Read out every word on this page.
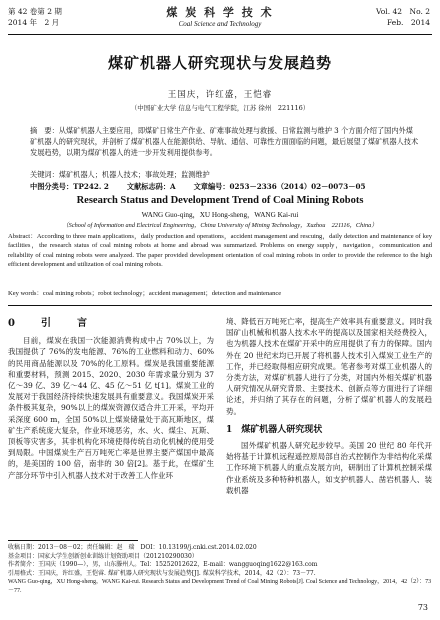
第 42 卷第 2 期
2014 年　2 月
煤 炭 科 学 技 术
Coal Science and Technology
Vol. 42　No. 2
Feb.　2014
煤矿机器人研究现状与发展趋势
王国庆，许红盛，王恺睿
（中国矿业大学 信息与电气工程学院，江苏 徐州　221116）
摘　要：从煤矿机器人主要应用，即煤矿日常生产作业、矿难事故处理与救援、日常监测与维护 3 个方面介绍了国内外煤矿机器人的研究现状，并剖析了煤矿机器人在能源供给、导航、通信、可靠性方面面临的问题，最后展望了煤矿机器人技术发展趋势，以期为煤矿机器人的进一步开发利用提供参考。
关键词：煤矿机器人；机器人技术；事故处理；监测维护
中图分类号：TP242. 2	文献标志码：A	文章编号：0253－2336（2014）02－0073－05
Research Status and Development Trend of Coal Mining Robots
WANG Guo-qing，XU Hong-sheng，WANG Kai-rui
（School of Information and Electrical Engineering，China University of Mining Technology，Xuzhou　221116，China）
Abstract：According to three main applications，daily production and operations，accident management and rescuing，daily detection and maintenance of key facilities，the research status of coal mining robots at home and abroad was summarized. Problems on energy supply，navigation，communication and reliability of coal mining robots were analyzed. The paper provided development orientation of coal mining robots in order to provide the reference to the high efficient development and utilization of coal mining robots.
Key words：coal mining robots；robot technology；accident management；detection and maintenance
0　引　言

目前，煤炭在我国一次能源消费构成中占 70%以上，为我国提供了 76%的发电能源、76%的工业燃料和动力、60%的民用商品能源以及 70%的化工原料。煤炭是我国重要能源和重要材料，预测 2015、2020、2030 年需求量分别为 37 亿～39 亿、39 亿～44 亿、45 亿～51 亿 t[1]。煤炭工业的发展对于我国经济持续快速发展具有重要意义。我国煤炭开采条件极其复杂，90%以上的煤炭资源仅适合井工开采，平均开采深度 600 m，全国 50%以上煤炭储量处于高瓦斯地区，煤矿生产系统庞大复杂，作业环境恶劣，水、火、煤尘、瓦斯、顶板等灾害多，其非机构化环境使得传统自动化机械的使用受到局限。中国煤炭生产百万吨死亡率是世界主要产煤国中最高的，是美国的 100 倍，南非的 30 倍[2]。基于此，在煤矿生产部分环节中引入机器人技术对于改善工人作业环

境、降低百万吨死亡率，提高生产效率具有重要意义。同时我国矿山机械和机器人技术水平的提高以及国家相关经费投入，也为机器人技术在煤矿开采中的应用提供了有力的保障。国内外在 20 世纪末均已开展了将机器人技术引入煤炭工业生产的工作，并已经取得相应研究成果。笔者参考对煤工业机器人的分类方法，对煤矿机器人进行了分类，对国内外相关煤矿机器人研究情况从研究背景、主要技术、创新点等方面进行了详细论述，并归纳了其存在的问题，分析了煤矿机器人的发展趋势。

1　煤矿机器人研究现状

国外煤矿机器人研究起步较早。美国 20 世纪 80 年代开始将基于计算机远程遥控原局部自治式控制作为非结构化采煤工作环境下机器人的重点发展方向，研制出了计算机控制采煤作业系统及多种特种机器人，如支护机器人、凿岩机器人、装载机器

收稿日期：2013－08－02；责任编辑：赵　瑞　DOI：10.13199/j.cnki.cst.2014.02.020
基金项目：国家大学生创新创业训练计划资助项目（201210290030）
作者简介：王国庆（1990—），男，山东滕州人。Tel：15252012622，E-mail：wangguoqing1622@163.com
引用格式：王国庆，许红盛，王恺睿. 煤矿机器人研究现状与发展趋势[J]. 煤炭科学技术，2014，42（2）：73－77.
WANG Guo-qing，XU Hong-sheng，WANG Kai-rui. Research Status and Development Trend of Coal Mining Robots[J]. Coal Science and Technology，2014，42（2）：73－77.
73
